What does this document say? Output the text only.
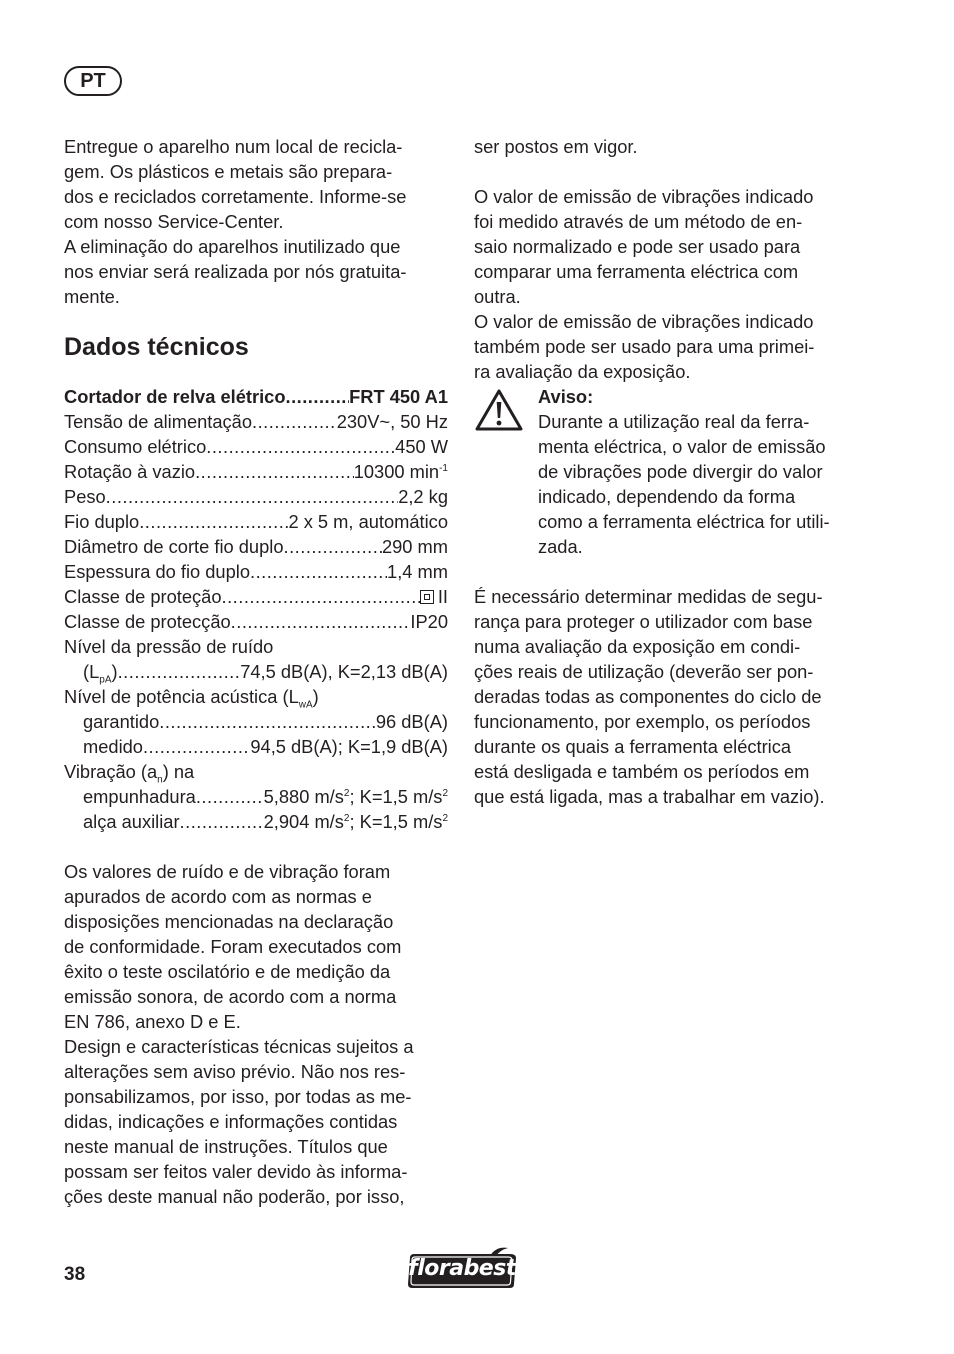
PT

Entregue o aparelho num local de recicla-
gem. Os plásticos e metais são prepara-
dos e reciclados corretamente. Informe-se
com nosso Service-Center.

A eliminação do aparelhos inutilizado que
nos enviar será realizada por nós gratuita-
mente.

Dados técnicos
Cortador de relva elétrico .....	FRT 450 A1
Tensão de alimentação .....	230V~, 50 Hz
Consumo elétrico .....	450 W
Rotação à vazio .....	10300 $\min^{-1}$
Peso .....	2,2 kg
Fio duplo .....	2 x 5 m, automático
Diâmetro de corte fio duplo .....	290 mm
Espessura do fio duplo .....	1,4 mm
Classe de proteção .....	II
Classe de protecção .....	IP20
Nível da pressão de ruído
$(L_{pA})$ .....	74,5 dB(A), K=2,13 dB(A)
Nível de potência acústica $(L_{wA})$
garantido .....	96 dB(A)
medido .....	94,5 dB(A); K=1,9 dB(A)
Vibração $(a_n)$ na
empunhadura .....	5,880 $m/s^2$; K=1,5 $m/s^2$
alça auxiliar .....	2,904 $m/s^2$; K=1,5 $m/s^2$

Os valores de ruído e de vibração foram
apurados de acordo com as normas e
disposições mencionadas na declaração
de conformidade. Foram executados com
êxito o teste oscilatório e de medição da
emissão sonora, de acordo com a norma
EN 786, anexo D e E.

Design e características técnicas sujeitos a
alterações sem aviso prévio. Não nos res-
ponsabilizamos, por isso, por todas as me-
didas, indicações e informações contidas
neste manual de instruções. Títulos que
possam ser feitos valer devido às informa-
ções deste manual não poderão, por isso,

ser postos em vigor.

O valor de emissão de vibrações indicado
foi medido através de um método de en-
saio normalizado e pode ser usado para
comparar uma ferramenta eléctrica com
outra.

O valor de emissão de vibrações indicado
também pode ser usado para uma primei-
ra avaliação da exposição.

Aviso:

Durante a utilização real da ferra-
menta eléctrica, o valor de emissão
de vibrações pode divergir do valor
indicado, dependendo da forma
como a ferramenta eléctrica for utili-
zada.

É necessário determinar medidas de segu-
rança para proteger o utilizador com base
numa avaliação da exposição em condi-
ções reais de utilização (deverão ser pon-
deradas todas as componentes do ciclo de
funcionamento, por exemplo, os períodos
durante os quais a ferramenta eléctrica
está desligada e também os períodos em
que está ligada, mas a trabalhar em vazio).

38	florabest
